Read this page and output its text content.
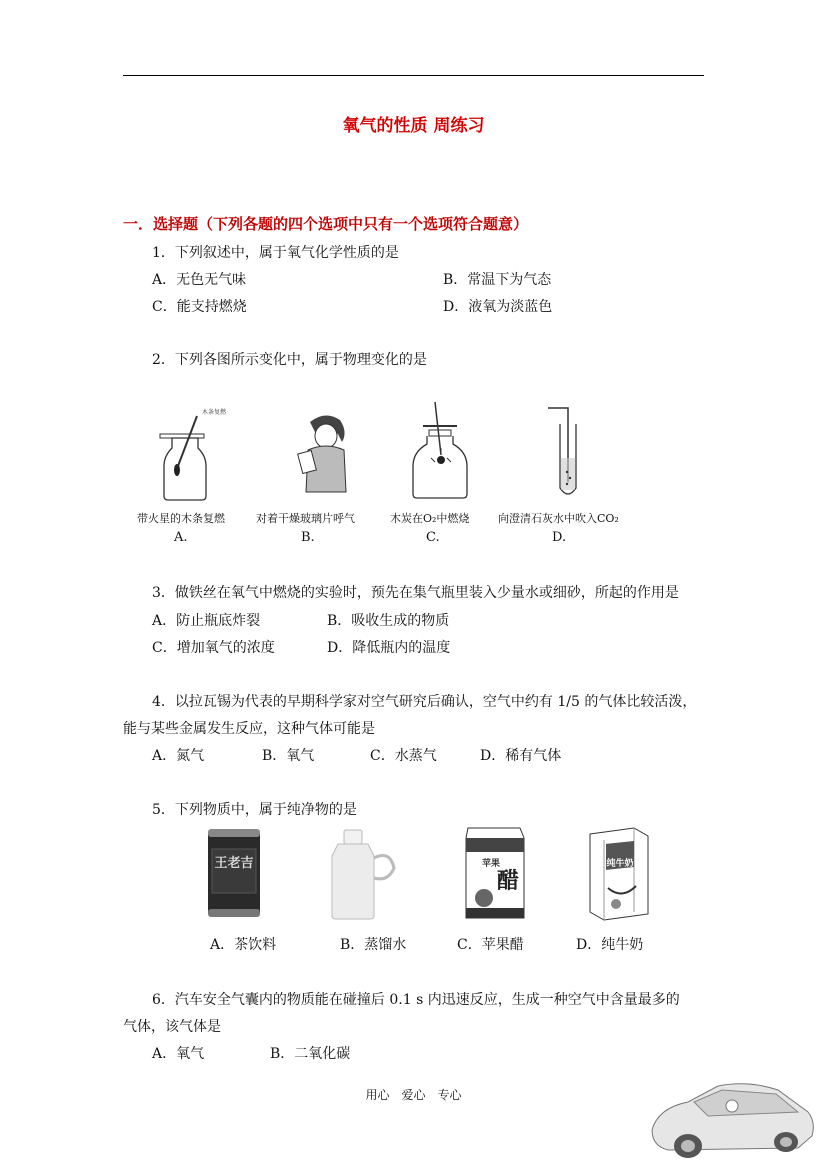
氧气的性质 周练习
一．选择题（下列各题的四个选项中只有一个选项符合题意）
1．下列叙述中，属于氧气化学性质的是
A．无色无气味	B．常温下为气态
C．能支持燃烧	D．液氧为淡蓝色
2．下列各图所示变化中，属于物理变化的是
木条复燃
带火星的木条复燃	对着干燥玻璃片呼气	木炭在O₂中燃烧	向澄清石灰水中吹入CO₂
A.	B.	C.	D.
3．做铁丝在氧气中燃烧的实验时，预先在集气瓶里装入少量水或细砂，所起的作用是
A．防止瓶底炸裂	B．吸收生成的物质
C．增加氧气的浓度	D．降低瓶内的温度
4．以拉瓦锡为代表的早期科学家对空气研究后确认，空气中约有 1/5 的气体比较活泼，
能与某些金属发生反应，这种气体可能是
A．氮气	B．氧气	C．水蒸气	D．稀有气体
5．下列物质中，属于纯净物的是
王老吉	苹果
醋
纯牛奶
A．茶饮料	B．蒸馏水	C．苹果醋	D．纯牛奶
6．汽车安全气囊内的物质能在碰撞后 0.1 s 内迅速反应，生成一种空气中含量最多的
气体，该气体是
A．氧气	B．二氧化碳
用心　爱心　专心
